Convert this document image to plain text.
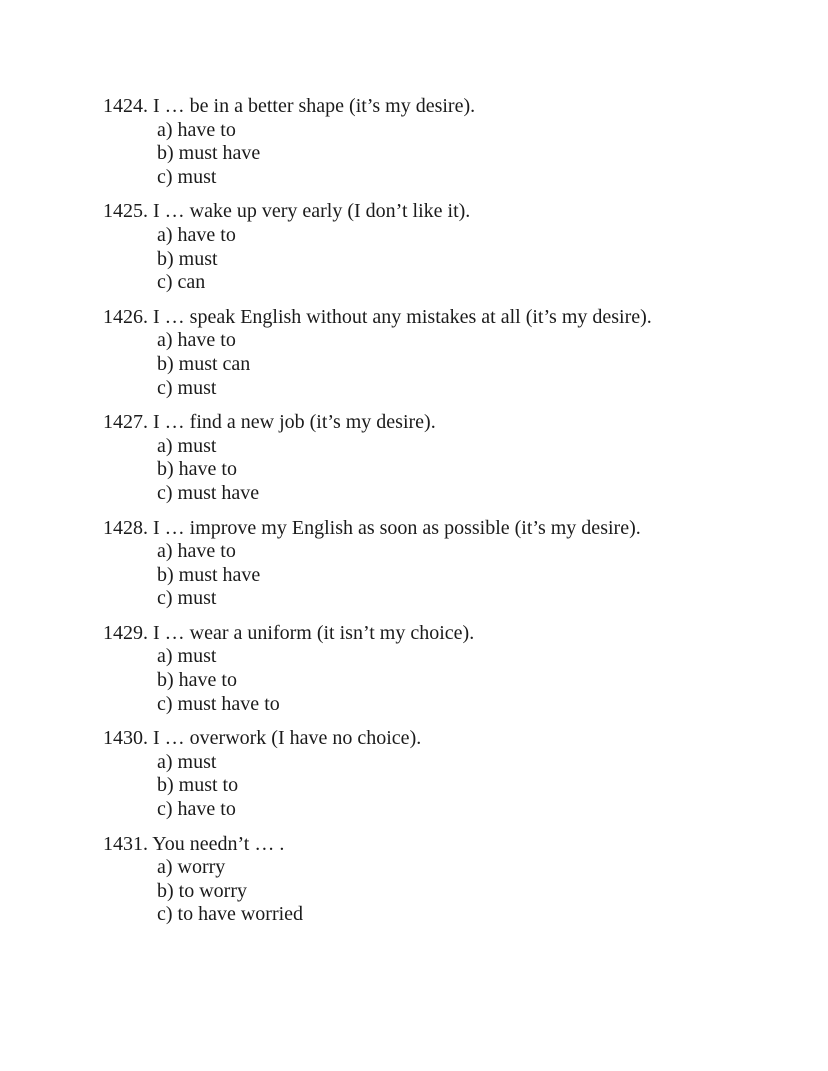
1424. I … be in a better shape (it’s my desire).
a) have to
b) must have
c) must
1425. I … wake up very early (I don’t like it).
a) have to
b) must
c) can
1426. I … speak English without any mistakes at all (it’s my desire).
a) have to
b) must can
c) must
1427. I … find a new job (it’s my desire).
a) must
b) have to
c) must have
1428. I … improve my English as soon as possible (it’s my desire).
a) have to
b) must have
c) must
1429. I … wear a uniform (it isn’t my choice).
a) must
b) have to
c) must have to
1430. I … overwork (I have no choice).
a) must
b) must to
c) have to
1431. You needn’t … .
a) worry
b) to worry
c) to have worried
